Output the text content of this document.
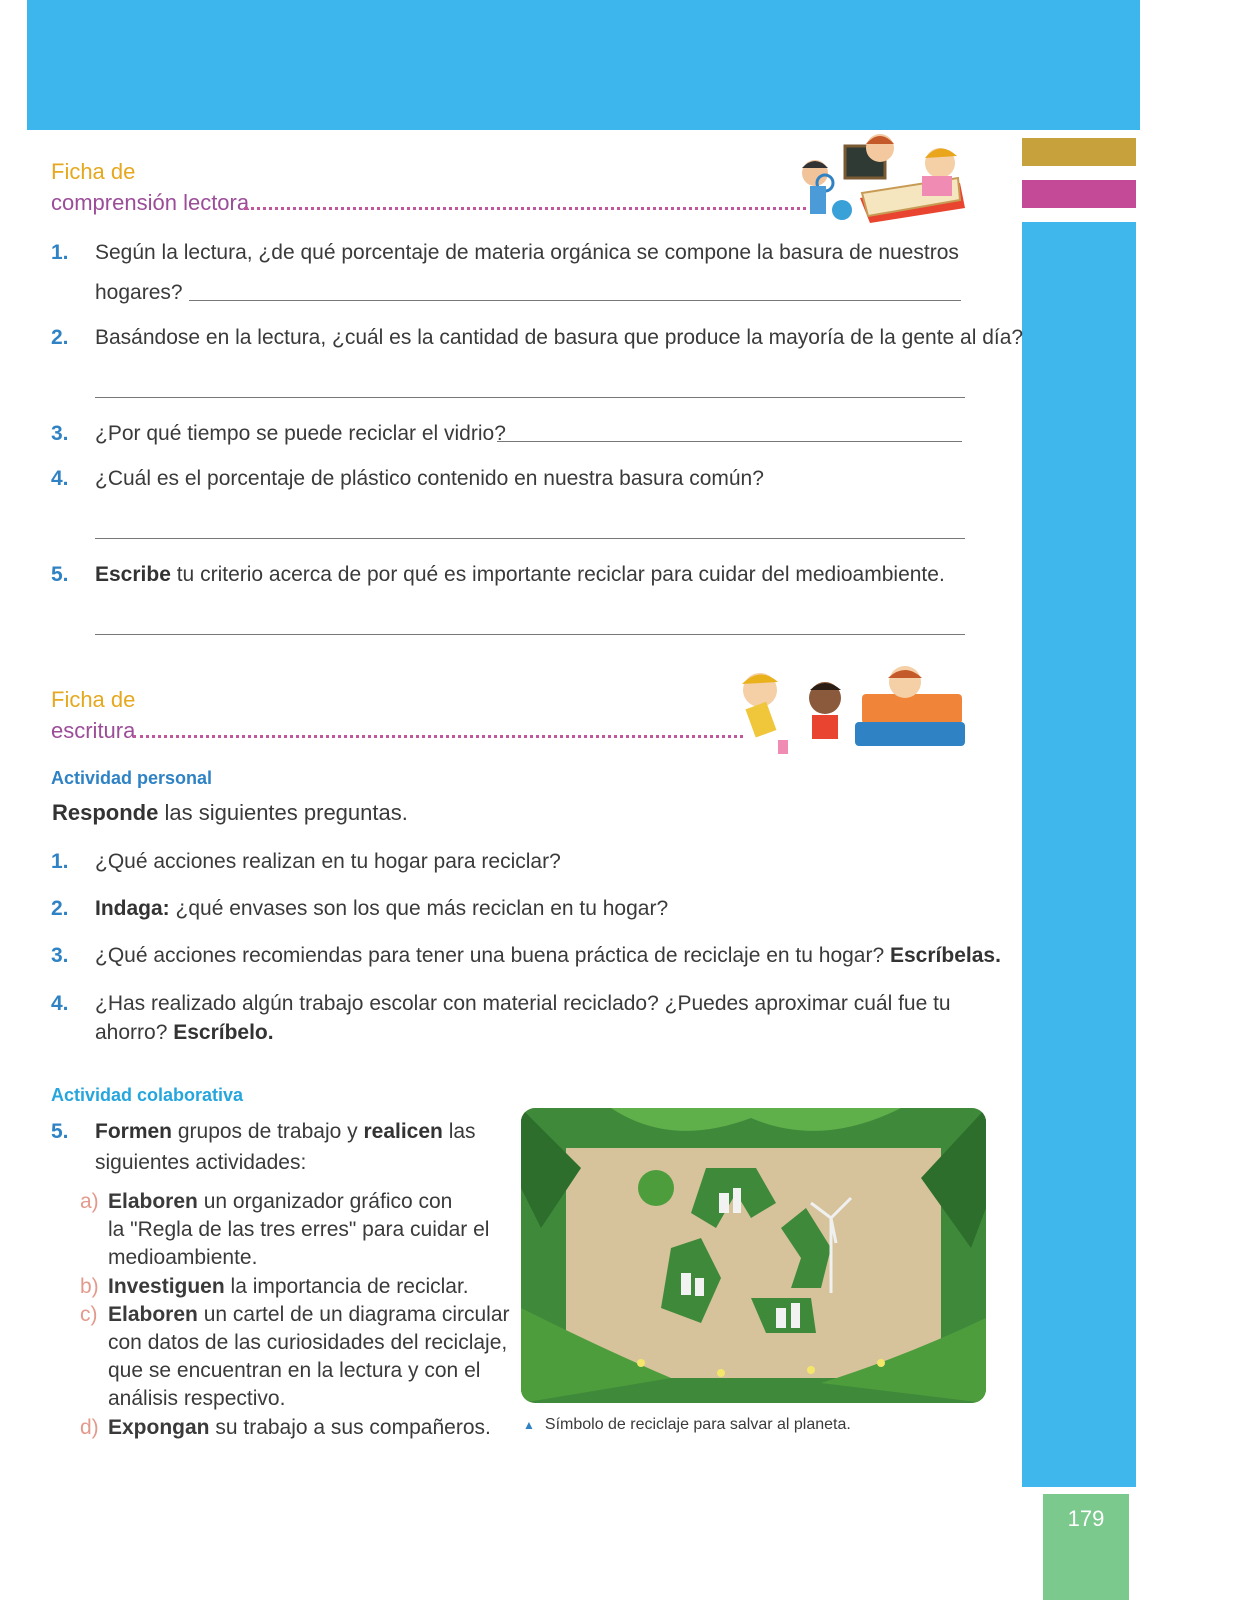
179
Ficha de
comprensión lectora
1. Según la lectura, ¿de qué porcentaje de materia orgánica se compone la basura de nuestros
hogares?
2. Basándose en la lectura, ¿cuál es la cantidad de basura que produce la mayoría de la gente al día?
3. ¿Por qué tiempo se puede reciclar el vidrio?
4. ¿Cuál es el porcentaje de plástico contenido en nuestra basura común?
5. Escribe tu criterio acerca de por qué es importante reciclar para cuidar del medioambiente.
Ficha de
escritura
Actividad personal
Responde las siguientes preguntas.
1. ¿Qué acciones realizan en tu hogar para reciclar?
2. Indaga: ¿qué envases son los que más reciclan en tu hogar?
3. ¿Qué acciones recomiendas para tener una buena práctica de reciclaje en tu hogar? Escríbelas.
4. ¿Has realizado algún trabajo escolar con material reciclado? ¿Puedes aproximar cuál fue tu
ahorro? Escríbelo.
Actividad colaborativa
5. Formen grupos de trabajo y realicen las
siguientes actividades:
a) Elaboren un organizador gráfico con
la "Regla de las tres erres" para cuidar el
medioambiente.
b) Investiguen la importancia de reciclar.
c) Elaboren un cartel de un diagrama circular
con datos de las curiosidades del reciclaje,
que se encuentran en la lectura y con el
análisis respectivo.
d) Expongan su trabajo a sus compañeros.	▲ Símbolo de reciclaje para salvar al planeta.
